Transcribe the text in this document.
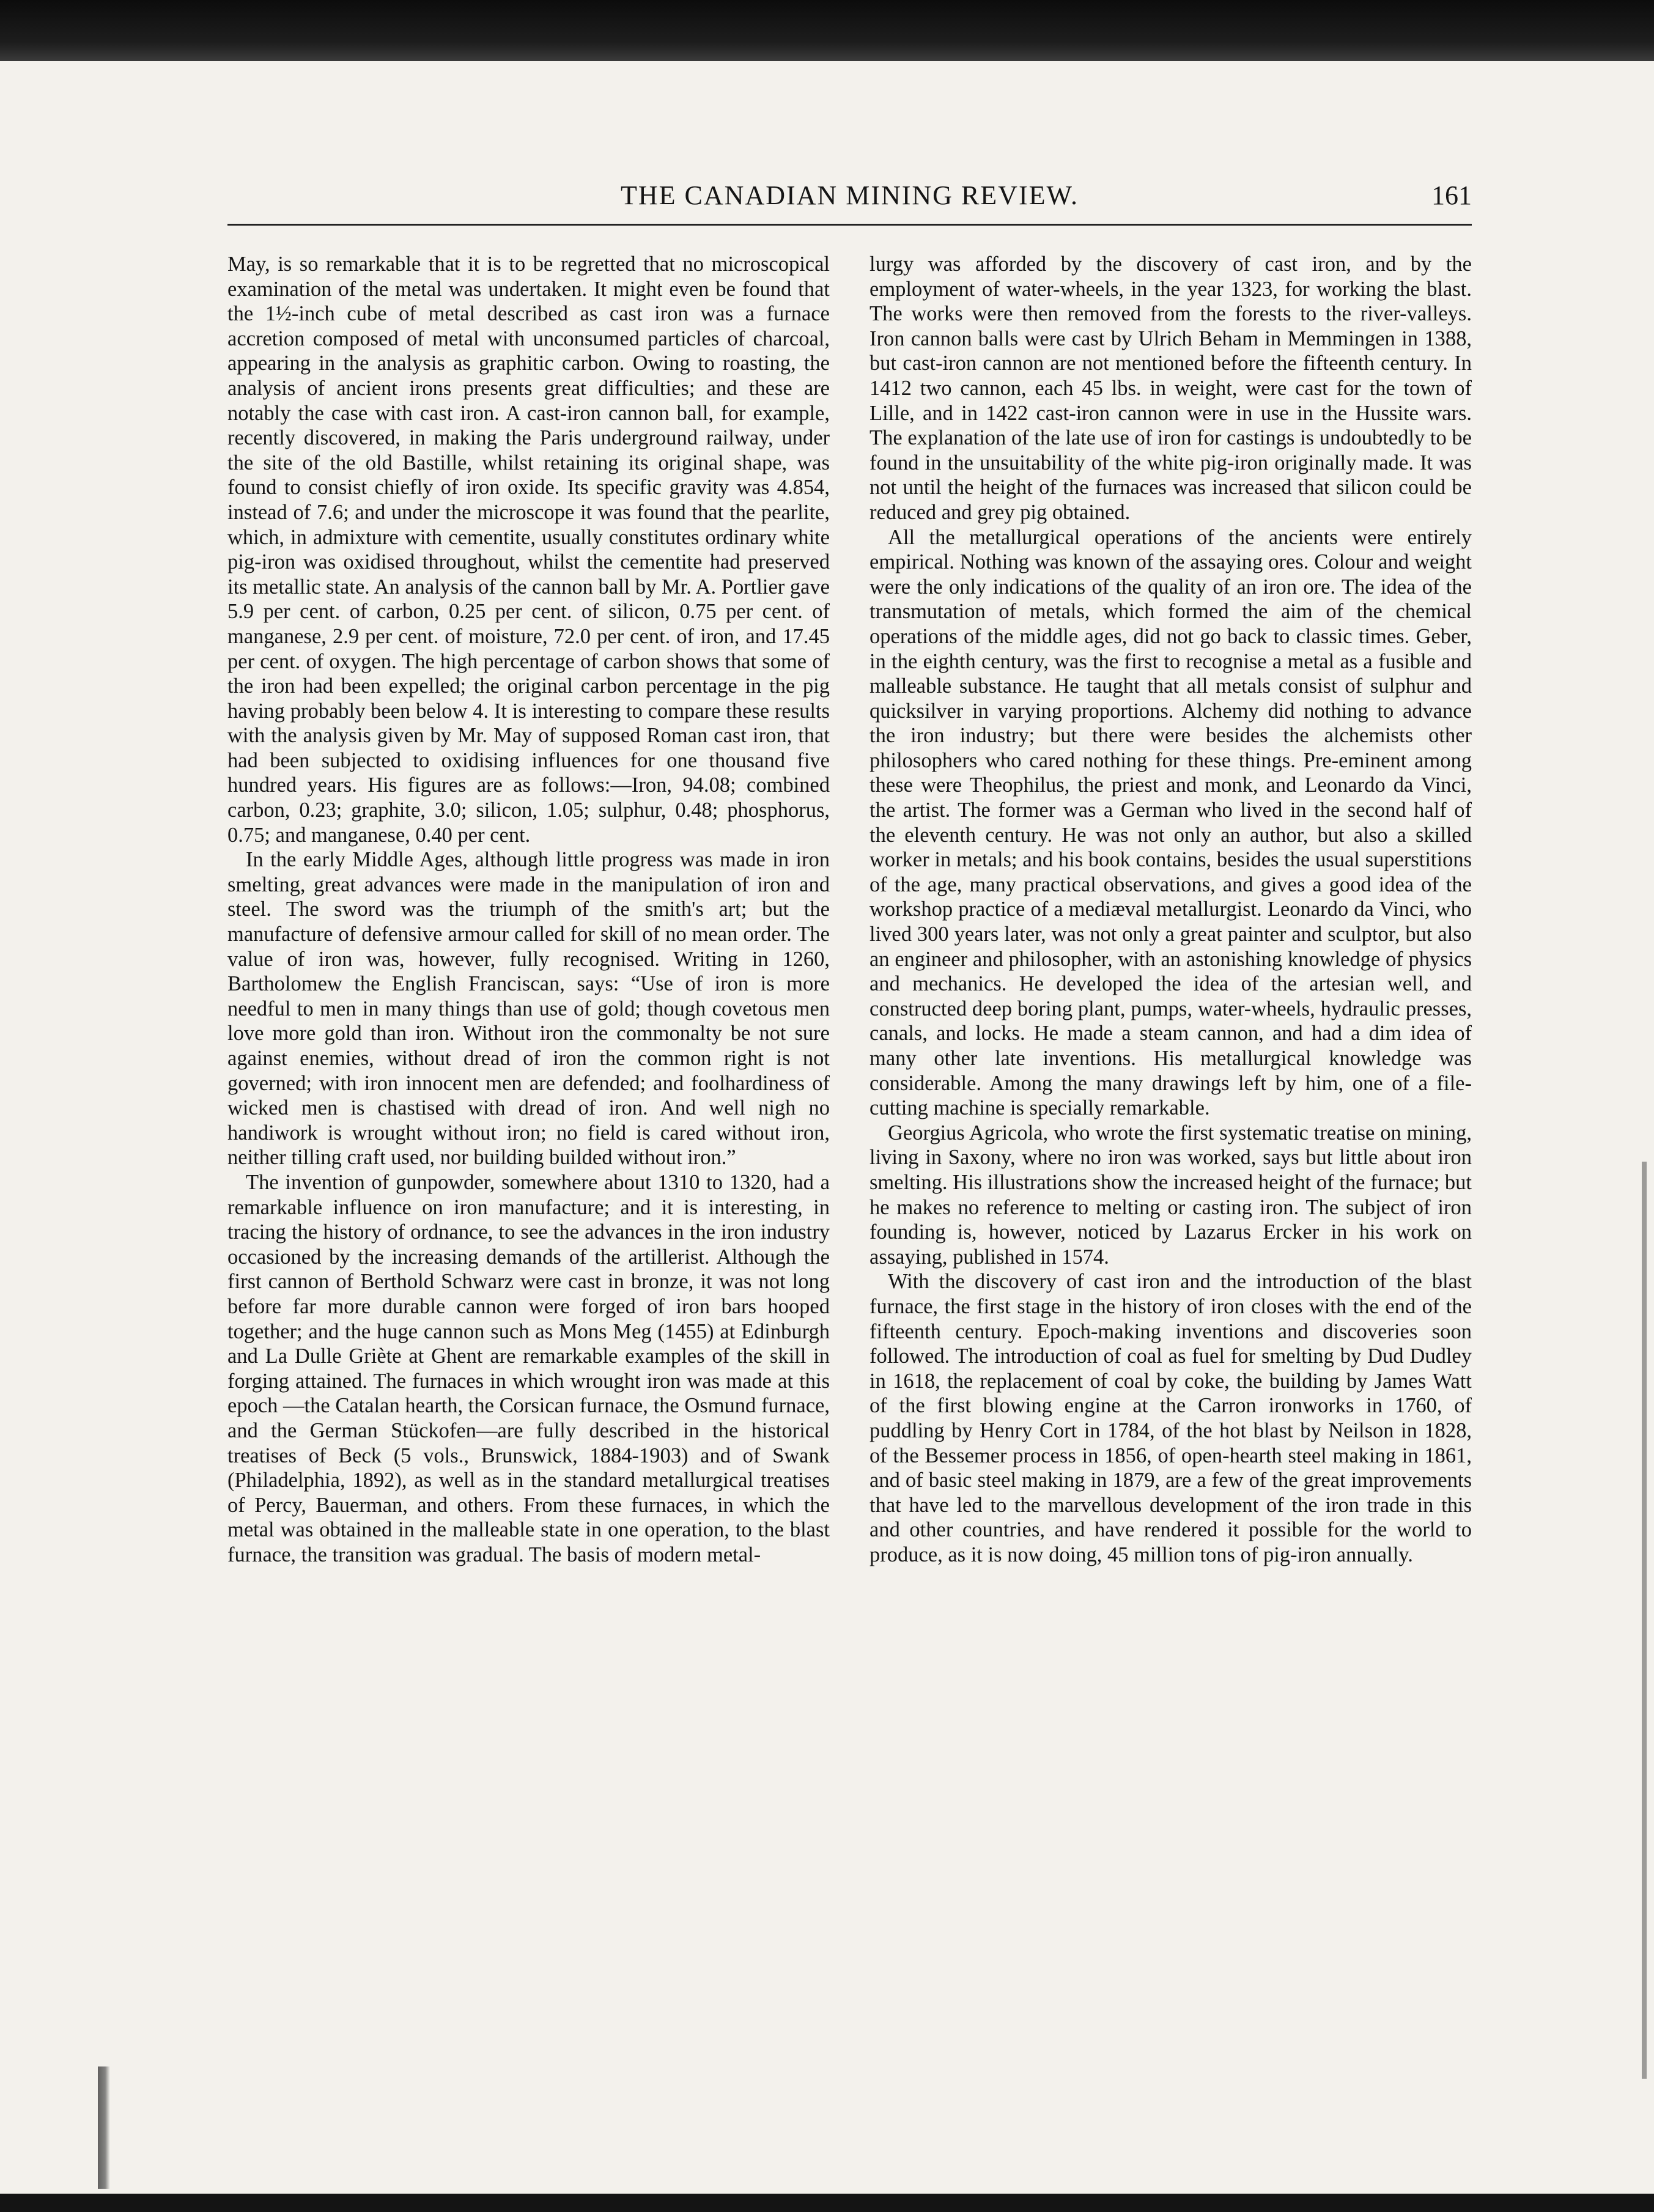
THE CANADIAN MINING REVIEW.	161

May, is so remarkable that it is to be regretted that no microscopical examination of the metal was undertaken. It might even be found that the 1½-inch cube of metal described as cast iron was a furnace accretion composed of metal with unconsumed particles of charcoal, appearing in the analysis as graphitic carbon. Owing to roasting, the analysis of ancient irons presents great difficulties; and these are notably the case with cast iron. A cast-iron cannon ball, for example, recently discovered, in making the Paris underground railway, under the site of the old Bastille, whilst retaining its original shape, was found to consist chiefly of iron oxide. Its specific gravity was 4.854, instead of 7.6; and under the microscope it was found that the pearlite, which, in admixture with cementite, usually constitutes ordinary white pig-iron was oxidised throughout, whilst the cementite had preserved its metallic state. An analysis of the cannon ball by Mr. A. Portlier gave 5.9 per cent. of carbon, 0.25 per cent. of silicon, 0.75 per cent. of manganese, 2.9 per cent. of moisture, 72.0 per cent. of iron, and 17.45 per cent. of oxygen. The high percentage of carbon shows that some of the iron had been expelled; the original carbon percentage in the pig having probably been below 4. It is interesting to compare these results with the analysis given by Mr. May of supposed Roman cast iron, that had been subjected to oxidising influences for one thousand five hundred years. His figures are as follows:—Iron, 94.08; combined carbon, 0.23; graphite, 3.0; silicon, 1.05; sulphur, 0.48; phosphorus, 0.75; and manganese, 0.40 per cent.

In the early Middle Ages, although little progress was made in iron smelting, great advances were made in the manipulation of iron and steel. The sword was the triumph of the smith's art; but the manufacture of defensive armour called for skill of no mean order. The value of iron was, however, fully recognised. Writing in 1260, Bartholomew the English Franciscan, says: “Use of iron is more needful to men in many things than use of gold; though covetous men love more gold than iron. Without iron the commonalty be not sure against enemies, without dread of iron the common right is not governed; with iron innocent men are defended; and foolhardiness of wicked men is chastised with dread of iron. And well nigh no handiwork is wrought without iron; no field is cared without iron, neither tilling craft used, nor building builded without iron.”

The invention of gunpowder, somewhere about 1310 to 1320, had a remarkable influence on iron manufacture; and it is interesting, in tracing the history of ordnance, to see the advances in the iron industry occasioned by the increasing demands of the artillerist. Although the first cannon of Berthold Schwarz were cast in bronze, it was not long before far more durable cannon were forged of iron bars hooped together; and the huge cannon such as Mons Meg (1455) at Edinburgh and La Dulle Griète at Ghent are remarkable examples of the skill in forging attained. The furnaces in which wrought iron was made at this epoch —the Catalan hearth, the Corsican furnace, the Osmund furnace, and the German Stückofen—are fully described in the historical treatises of Beck (5 vols., Brunswick, 1884-1903) and of Swank (Philadelphia, 1892), as well as in the standard metallurgical treatises of Percy, Bauerman, and others. From these furnaces, in which the metal was obtained in the malleable state in one operation, to the blast furnace, the transition was gradual. The basis of modern metal-

lurgy was afforded by the discovery of cast iron, and by the employment of water-wheels, in the year 1323, for working the blast. The works were then removed from the forests to the river-valleys. Iron cannon balls were cast by Ulrich Beham in Memmingen in 1388, but cast-iron cannon are not mentioned before the fifteenth century. In 1412 two cannon, each 45 lbs. in weight, were cast for the town of Lille, and in 1422 cast-iron cannon were in use in the Hussite wars. The explanation of the late use of iron for castings is undoubtedly to be found in the unsuitability of the white pig-iron originally made. It was not until the height of the furnaces was increased that silicon could be reduced and grey pig obtained.

All the metallurgical operations of the ancients were entirely empirical. Nothing was known of the assaying ores. Colour and weight were the only indications of the quality of an iron ore. The idea of the transmutation of metals, which formed the aim of the chemical operations of the middle ages, did not go back to classic times. Geber, in the eighth century, was the first to recognise a metal as a fusible and malleable substance. He taught that all metals consist of sulphur and quicksilver in varying proportions. Alchemy did nothing to advance the iron industry; but there were besides the alchemists other philosophers who cared nothing for these things. Pre-eminent among these were Theophilus, the priest and monk, and Leonardo da Vinci, the artist. The former was a German who lived in the second half of the eleventh century. He was not only an author, but also a skilled worker in metals; and his book contains, besides the usual superstitions of the age, many practical observations, and gives a good idea of the workshop practice of a mediæval metallurgist. Leonardo da Vinci, who lived 300 years later, was not only a great painter and sculptor, but also an engineer and philosopher, with an astonishing knowledge of physics and mechanics. He developed the idea of the artesian well, and constructed deep boring plant, pumps, water-wheels, hydraulic presses, canals, and locks. He made a steam cannon, and had a dim idea of many other late inventions. His metallurgical knowledge was considerable. Among the many drawings left by him, one of a file-cutting machine is specially remarkable.

Georgius Agricola, who wrote the first systematic treatise on mining, living in Saxony, where no iron was worked, says but little about iron smelting. His illustrations show the increased height of the furnace; but he makes no reference to melting or casting iron. The subject of iron founding is, however, noticed by Lazarus Ercker in his work on assaying, published in 1574.

With the discovery of cast iron and the introduction of the blast furnace, the first stage in the history of iron closes with the end of the fifteenth century. Epoch-making inventions and discoveries soon followed. The introduction of coal as fuel for smelting by Dud Dudley in 1618, the replacement of coal by coke, the building by James Watt of the first blowing engine at the Carron ironworks in 1760, of puddling by Henry Cort in 1784, of the hot blast by Neilson in 1828, of the Bessemer process in 1856, of open-hearth steel making in 1861, and of basic steel making in 1879, are a few of the great improvements that have led to the marvellous development of the iron trade in this and other countries, and have rendered it possible for the world to produce, as it is now doing, 45 million tons of pig-iron annually.
